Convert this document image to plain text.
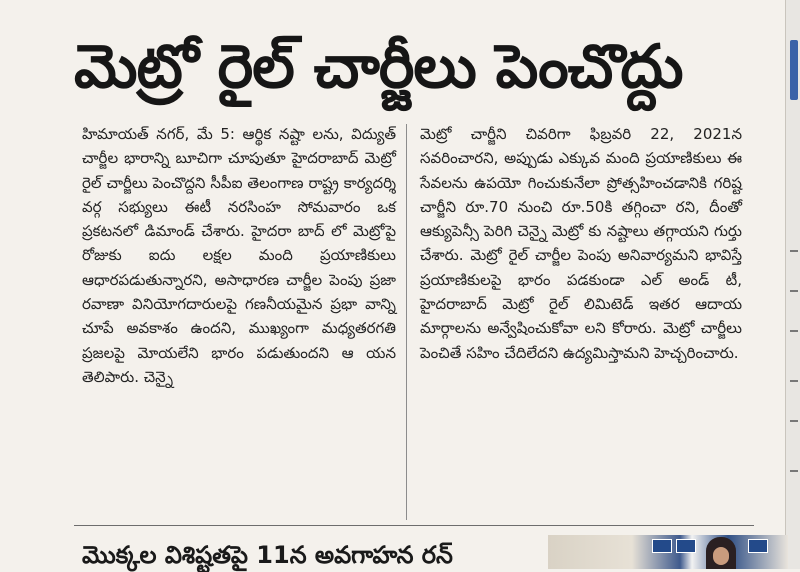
మెట్రో రైల్ చార్జీలు పెంచొద్దు
హిమాయత్ నగర్, మే 5: ఆర్థిక నష్టా లను, విద్యుత్ చార్జీల భారాన్ని బూచిగా చూపుతూ హైదరాబాద్ మెట్రో రైల్ చార్జీలు పెంచొద్దని సీపీఐ తెలంగాణ రాష్ట్ర కార్యదర్శి వర్గ సభ్యులు ఈటీ నరసింహ సోమవారం ఒక ప్రకటనలో డిమాండ్ చేశారు. హైదరా బాద్ లో మెట్రోపై రోజుకు ఐదు లక్షల మంది ప్రయాణికులు ఆధారపడుతున్నారని, అసాధారణ చార్జీల పెంపు ప్రజా రవాణా వినియోగదారులపై గణనీయమైన ప్రభా వాన్ని చూపే అవకాశం ఉందని, ముఖ్యంగా మధ్యతరగతి ప్రజలపై మోయలేని భారం పడుతుందని ఆ యన తెలిపారు. చెన్నై
మెట్రో చార్జీని చివరిగా ఫిబ్రవరి 22, 2021న సవరించారని, అప్పుడు ఎక్కువ మంది ప్రయాణికులు ఈ సేవలను ఉపయో గించుకునేలా ప్రోత్సహించడానికి గరిష్ట చార్జీని రూ.70 నుంచి రూ.50కి తగ్గించా రని, దీంతో ఆక్యుపెన్సీ పెరిగి చెన్నై మెట్రో కు నష్టాలు తగ్గాయని గుర్తు చేశారు. మెట్రో రైల్ చార్జీల పెంపు అనివార్యమని భావిస్తే ప్రయాణికులపై భారం పడకుండా ఎల్ అండ్ టీ, హైదరాబాద్ మెట్రో రైల్ లిమిటెడ్ ఇతర ఆదాయ మార్గాలను అన్వేషించుకోవా లని కోరారు. మెట్రో చార్జీలు పెంచితే సహిం చేదిలేదని ఉద్యమిస్తామని హెచ్చరించారు.
మొక్కల విశిష్టతపై 11న అవగాహన రన్
